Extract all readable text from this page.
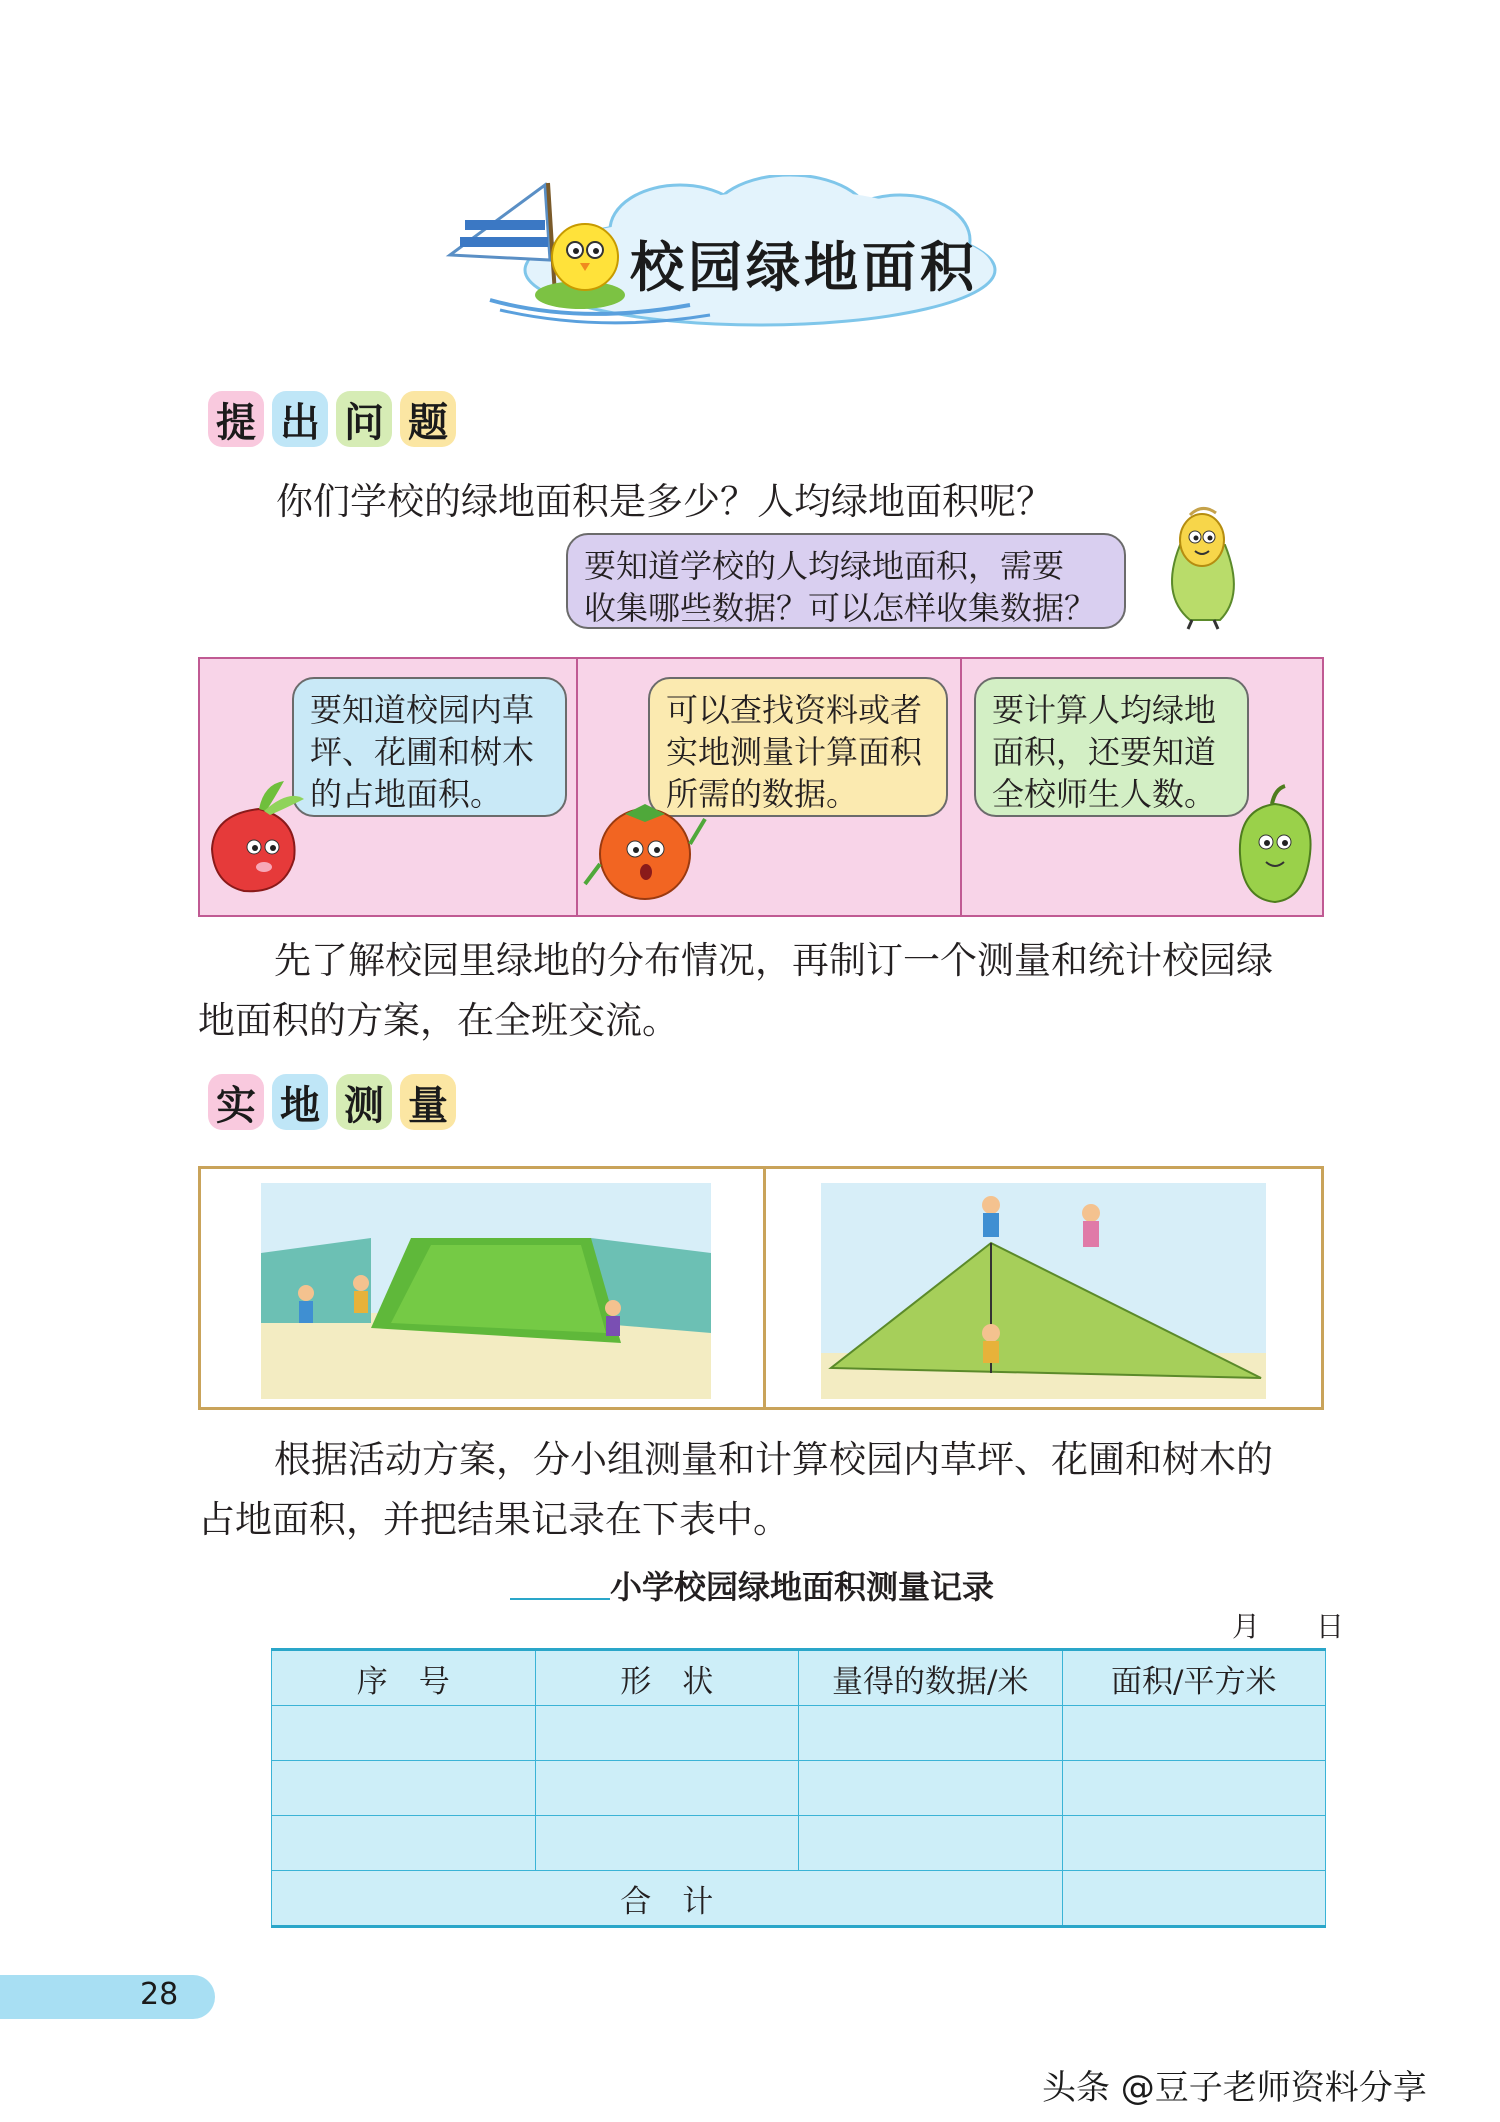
校园绿地面积
提 出 问 题
你们学校的绿地面积是多少？人均绿地面积呢？
要知道学校的人均绿地面积，需要
收集哪些数据？可以怎样收集数据？
要知道校园内草
坪、花圃和树木
的占地面积。
可以查找资料或者
实地测量计算面积
所需的数据。
要计算人均绿地
面积，还要知道
全校师生人数。
先了解校园里绿地的分布情况，再制订一个测量和统计校园绿
地面积的方案，在全班交流。
实 地 测 量
根据活动方案，分小组测量和计算校园内草坪、花圃和树木的
占地面积，并把结果记录在下表中。
小学校园绿地面积测量记录
月　　日
序　号	形　状	量得的数据/米	面积/平方米

合　计			
28
头条 @豆子老师资料分享
